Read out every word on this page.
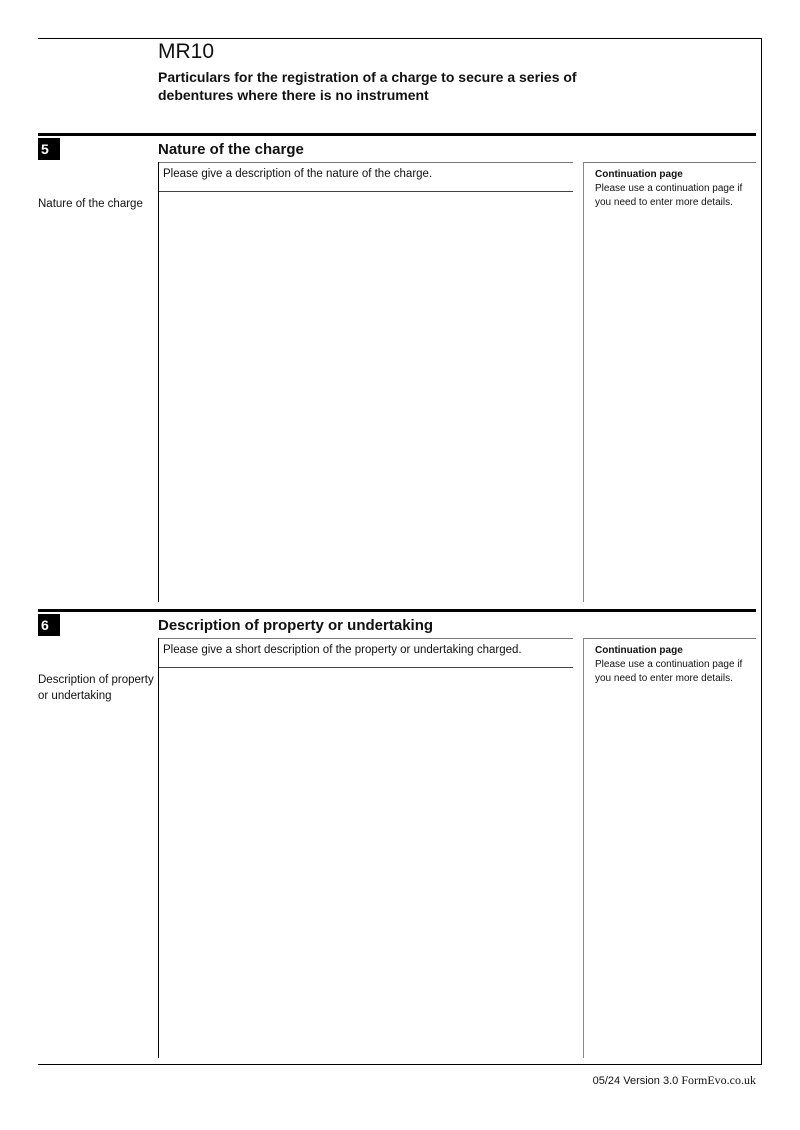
MR10
Particulars for the registration of a charge to secure a series of debentures where there is no instrument
5	Nature of the charge
Please give a description of the nature of the charge.
Nature of the charge
Continuation page
Please use a continuation page if you need to enter more details.
6	Description of property or undertaking
Please give a short description of the property or undertaking charged.
Description of property or undertaking
Continuation page
Please use a continuation page if you need to enter more details.
05/24 Version 3.0 FormEvo.co.uk
